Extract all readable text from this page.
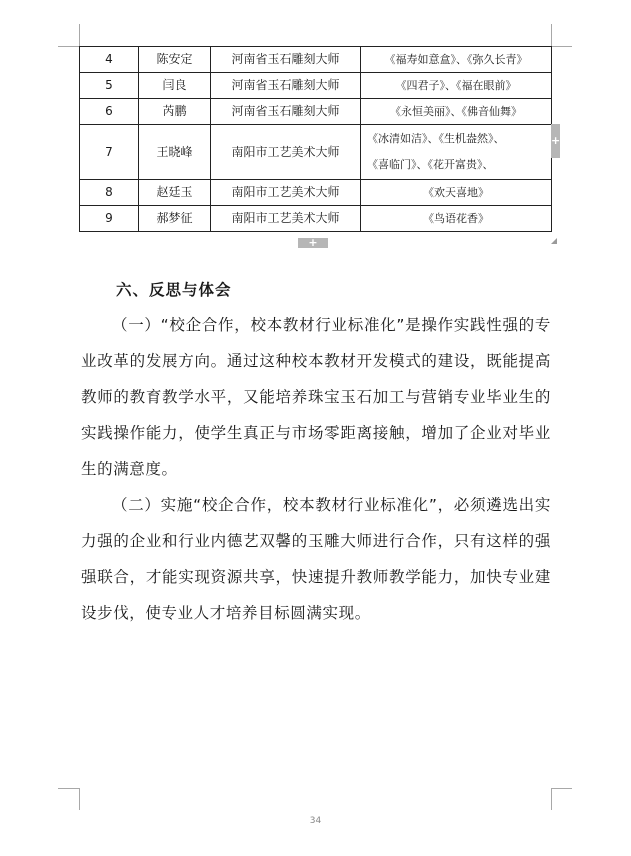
4	陈安定	河南省玉石雕刻大师	《福寿如意盒》、《弥久长青》

5	闫良	河南省玉石雕刻大师	《四君子》、《福在眼前》

6	芮鹏	河南省玉石雕刻大师	《永恒美丽》、《佛音仙舞》

7	王晓峰	南阳市工艺美术大师	《冰清如洁》、《生机盎然》、
《喜临门》、《花开富贵》、

8	赵廷玉	南阳市工艺美术大师	《欢天喜地》

9	郝梦征	南阳市工艺美术大师	《鸟语花香》
+
+
六、反思与体会

（一）“校企合作，校本教材行业标准化”是操作实践性强的专业改革的发展方向。通过这种校本教材开发模式的建设，既能提高教师的教育教学水平，又能培养珠宝玉石加工与营销专业毕业生的实践操作能力，使学生真正与市场零距离接触，增加了企业对毕业生的满意度。

（二）实施“校企合作，校本教材行业标准化”，必须遴选出实力强的企业和行业内德艺双馨的玉雕大师进行合作，只有这样的强强联合，才能实现资源共享，快速提升教师教学能力，加快专业建设步伐，使专业人才培养目标圆满实现。

34
